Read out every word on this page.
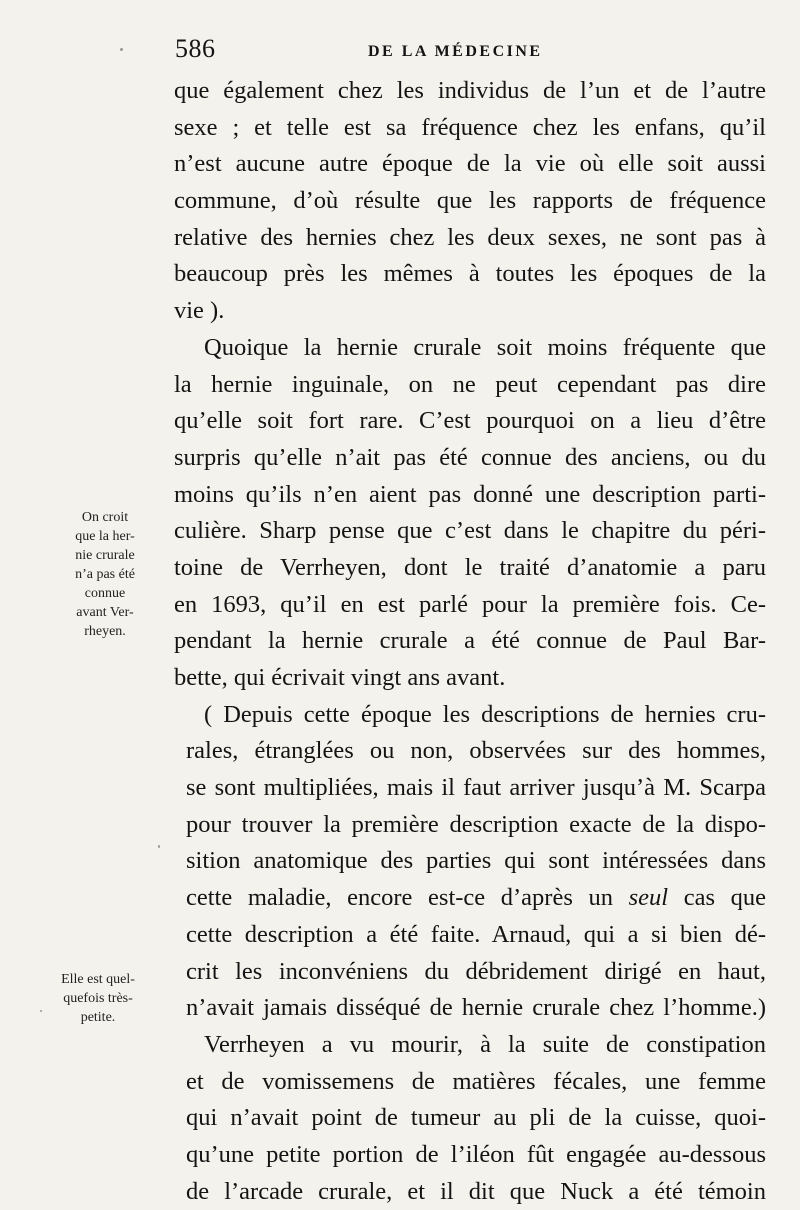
586	DE LA MÉDECINE
que également chez les individus de l’un et de l’autre
sexe ; et telle est sa fréquence chez les enfans, qu’il
n’est aucune autre époque de la vie où elle soit aussi
commune, d’où résulte que les rapports de fréquence
relative des hernies chez les deux sexes, ne sont pas à
beaucoup près les mêmes à toutes les époques de la
vie ).
Quoique la hernie crurale soit moins fréquente que
la hernie inguinale, on ne peut cependant pas dire
qu’elle soit fort rare. C’est pourquoi on a lieu d’être
surpris qu’elle n’ait pas été connue des anciens, ou du
moins qu’ils n’en aient pas donné une description parti-
culière. Sharp pense que c’est dans le chapitre du péri-
toine de Verrheyen, dont le traité d’anatomie a paru
en 1693, qu’il en est parlé pour la première fois. Ce-
pendant la hernie crurale a été connue de Paul Bar-
bette, qui écrivait vingt ans avant.
( Depuis cette époque les descriptions de hernies cru-
rales, étranglées ou non, observées sur des hommes,
se sont multipliées, mais il faut arriver jusqu’à M. Scarpa
pour trouver la première description exacte de la dispo-
sition anatomique des parties qui sont intéressées dans
cette maladie, encore est-ce d’après un seul cas que
cette description a été faite. Arnaud, qui a si bien dé-
crit les inconvéniens du débridement dirigé en haut,
n’avait jamais disséqué de hernie crurale chez l’homme.)
Verrheyen a vu mourir, à la suite de constipation
et de vomissemens de matières fécales, une femme
qui n’avait point de tumeur au pli de la cuisse, quoi-
qu’une petite portion de l’iléon fût engagée au-dessous
de l’arcade crurale, et il dit que Nuck a été témoin
On croit
que la her-
nie crurale
n’a pas été
connue
avant Ver-
rheyen.
Elle est quel-
quefois très-
petite.
